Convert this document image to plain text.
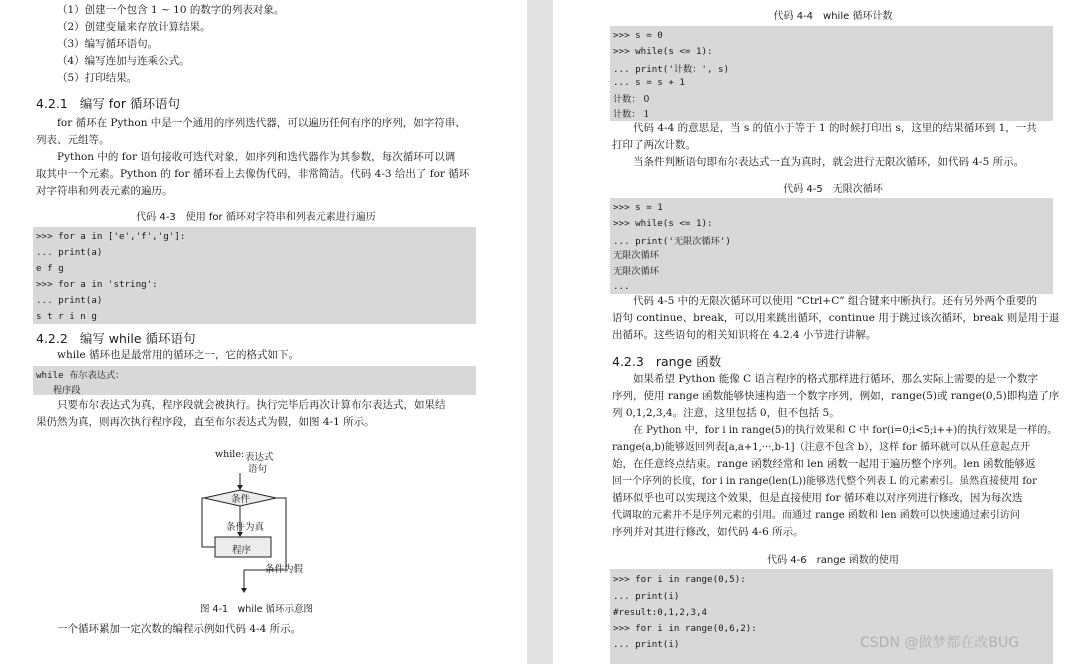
（1）创建一个包含 1 ~ 10 的数字的列表对象。
（2）创建变量来存放计算结果。
（3）编写循环语句。
（4）编写连加与连乘公式。
（5）打印结果。
4.2.1 编写 for 循环语句
for 循环在 Python 中是一个通用的序列迭代器，可以遍历任何有序的序列，如字符串、
列表、元组等。
Python 中的 for 语句接收可迭代对象，如序列和迭代器作为其参数，每次循环可以调
取其中一个元素。Python 的 for 循环看上去像伪代码，非常简洁。代码 4-3 给出了 for 循环
对字符串和列表元素的遍历。
代码 4-3　使用 for 循环对字符串和列表元素进行遍历
>>> for a in ['e','f','g']:
... print(a)
e f g
>>> for a in 'string':
... print(a)
s t r i n g
4.2.2 编写 while 循环语句
while 循环也是最常用的循环之一，它的格式如下。
while 布尔表达式：
程序段
只要布尔表达式为真，程序段就会被执行。执行完毕后再次计算布尔表达式，如果结
果仍然为真，则再次执行程序段，直至布尔表达式为假，如图 4-1 所示。
while: 表达式
语句
条件
条件为真
程序
条件为假
图 4-1　while 循环示意图
一个循环累加一定次数的编程示例如代码 4-4 所示。
代码 4-4　while 循环计数
>>> s = 0
>>> while(s <= 1):
... print('计数：', s)
... s = s + 1
计数： 0
计数： 1
代码 4-4 的意思是，当 s 的值小于等于 1 的时候打印出 s，这里的结果循环到 1，一共
打印了两次计数。
当条件判断语句即布尔表达式一直为真时，就会进行无限次循环，如代码 4-5 所示。
代码 4-5　无限次循环
>>> s = 1
>>> while(s <= 1):
... print('无限次循环')
无限次循环
无限次循环
...
代码 4-5 中的无限次循环可以使用 “Ctrl+C” 组合键来中断执行。还有另外两个重要的
语句 continue、break，可以用来跳出循环，continue 用于跳过该次循环，break 则是用于退
出循环。这些语句的相关知识将在 4.2.4 小节进行讲解。
4.2.3 range 函数
如果希望 Python 能像 C 语言程序的格式那样进行循环，那么实际上需要的是一个数字
序列，使用 range 函数能够快速构造一个数字序列，例如，range(5)或 range(0,5)即构造了序
列 0,1,2,3,4。注意，这里包括 0，但不包括 5。
在 Python 中，for i in range(5)的执行效果和 C 中 for(i=0;i<5;i++)的执行效果是一样的。
range(a,b)能够返回列表[a,a+1,···,b-1]（注意不包含 b），这样 for 循环就可以从任意起点开
始，在任意终点结束。range 函数经常和 len 函数一起用于遍历整个序列。len 函数能够返
回一个序列的长度，for i in range(len(L))能够迭代整个列表 L 的元素索引。虽然直接使用 for
循环似乎也可以实现这个效果，但是直接使用 for 循环难以对序列进行修改，因为每次迭
代调取的元素并不是序列元素的引用。而通过 range 函数和 len 函数可以快速通过索引访问
序列并对其进行修改，如代码 4-6 所示。
代码 4-6　range 函数的使用
>>> for i in range(0,5):
... print(i)
#result:0,1,2,3,4
>>> for i in range(0,6,2):
... print(i)	CSDN @做梦都在改BUG
